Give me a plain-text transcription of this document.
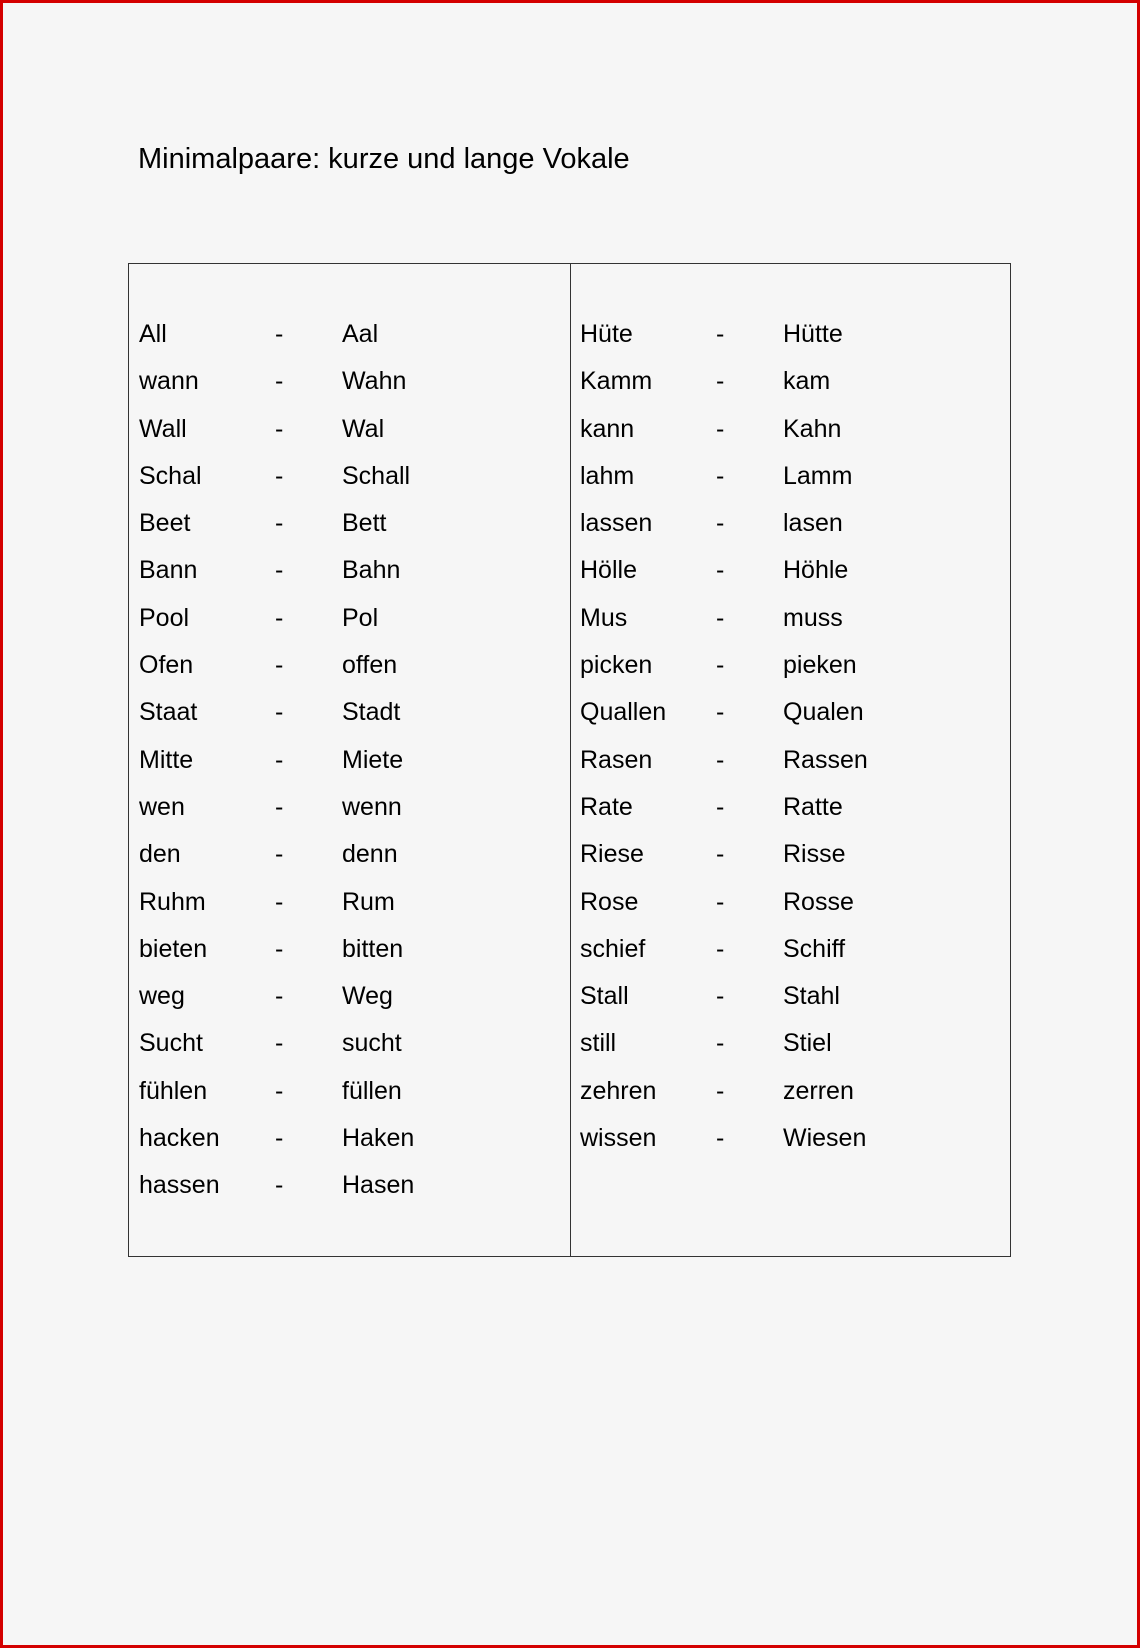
Minimalpaare: kurze und lange Vokale
All	- Aal
wann	- Wahn
Wall	- Wal
Schal	- Schall
Beet	- Bett
Bann	- Bahn
Pool	- Pol
Ofen	- offen
Staat	- Stadt
Mitte	- Miete
wen	- wenn
den	- denn
Ruhm	- Rum
bieten	- bitten
weg	- Weg
Sucht	- sucht
fühlen	- füllen
hacken - Haken
hassen - Hasen
Hüte	- Hütte
Kamm	- kam
kann	- Kahn
lahm	- Lamm
lassen	- lasen
Hölle	- Höhle
Mus	- muss
picken	- pieken
Quallen - Qualen
Rasen	- Rassen
Rate	- Ratte
Riese	- Risse
Rose	- Rosse
schief	- Schiff
Stall	- Stahl
still	- Stiel
zehren - zerren
wissen - Wiesen
